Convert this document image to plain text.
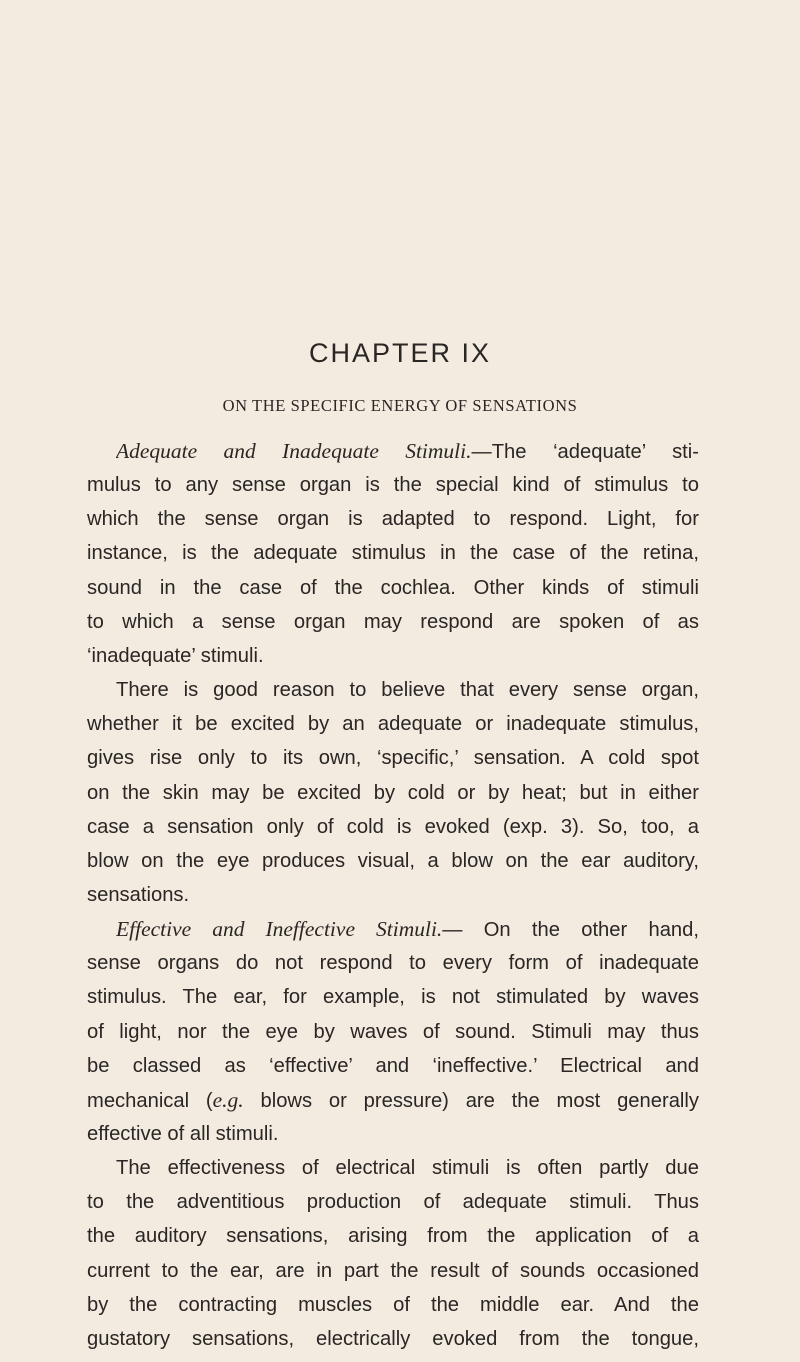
CHAPTER IX
ON THE SPECIFIC ENERGY OF SENSATIONS
Adequate and Inadequate Stimuli.—The ‘adequate’ sti-
mulus to any sense organ is the special kind of stimulus to
which the sense organ is adapted to respond. Light, for
instance, is the adequate stimulus in the case of the retina,
sound in the case of the cochlea. Other kinds of stimuli
to which a sense organ may respond are spoken of as
‘inadequate’ stimuli.
There is good reason to believe that every sense organ,
whether it be excited by an adequate or inadequate stimulus,
gives rise only to its own, ‘specific,’ sensation. A cold spot
on the skin may be excited by cold or by heat; but in either
case a sensation only of cold is evoked (exp. 3). So, too, a
blow on the eye produces visual, a blow on the ear auditory,
sensations.
Effective and Ineffective Stimuli.— On the other hand,
sense organs do not respond to every form of inadequate
stimulus. The ear, for example, is not stimulated by waves
of light, nor the eye by waves of sound. Stimuli may thus
be classed as ‘effective’ and ‘ineffective.’ Electrical and
mechanical (e.g. blows or pressure) are the most generally
effective of all stimuli.
The effectiveness of electrical stimuli is often partly due
to the adventitious production of adequate stimuli. Thus
the auditory sensations, arising from the application of a
current to the ear, are in part the result of sounds occasioned
by the contracting muscles of the middle ear. And the
gustatory sensations, electrically evoked from the tongue,
